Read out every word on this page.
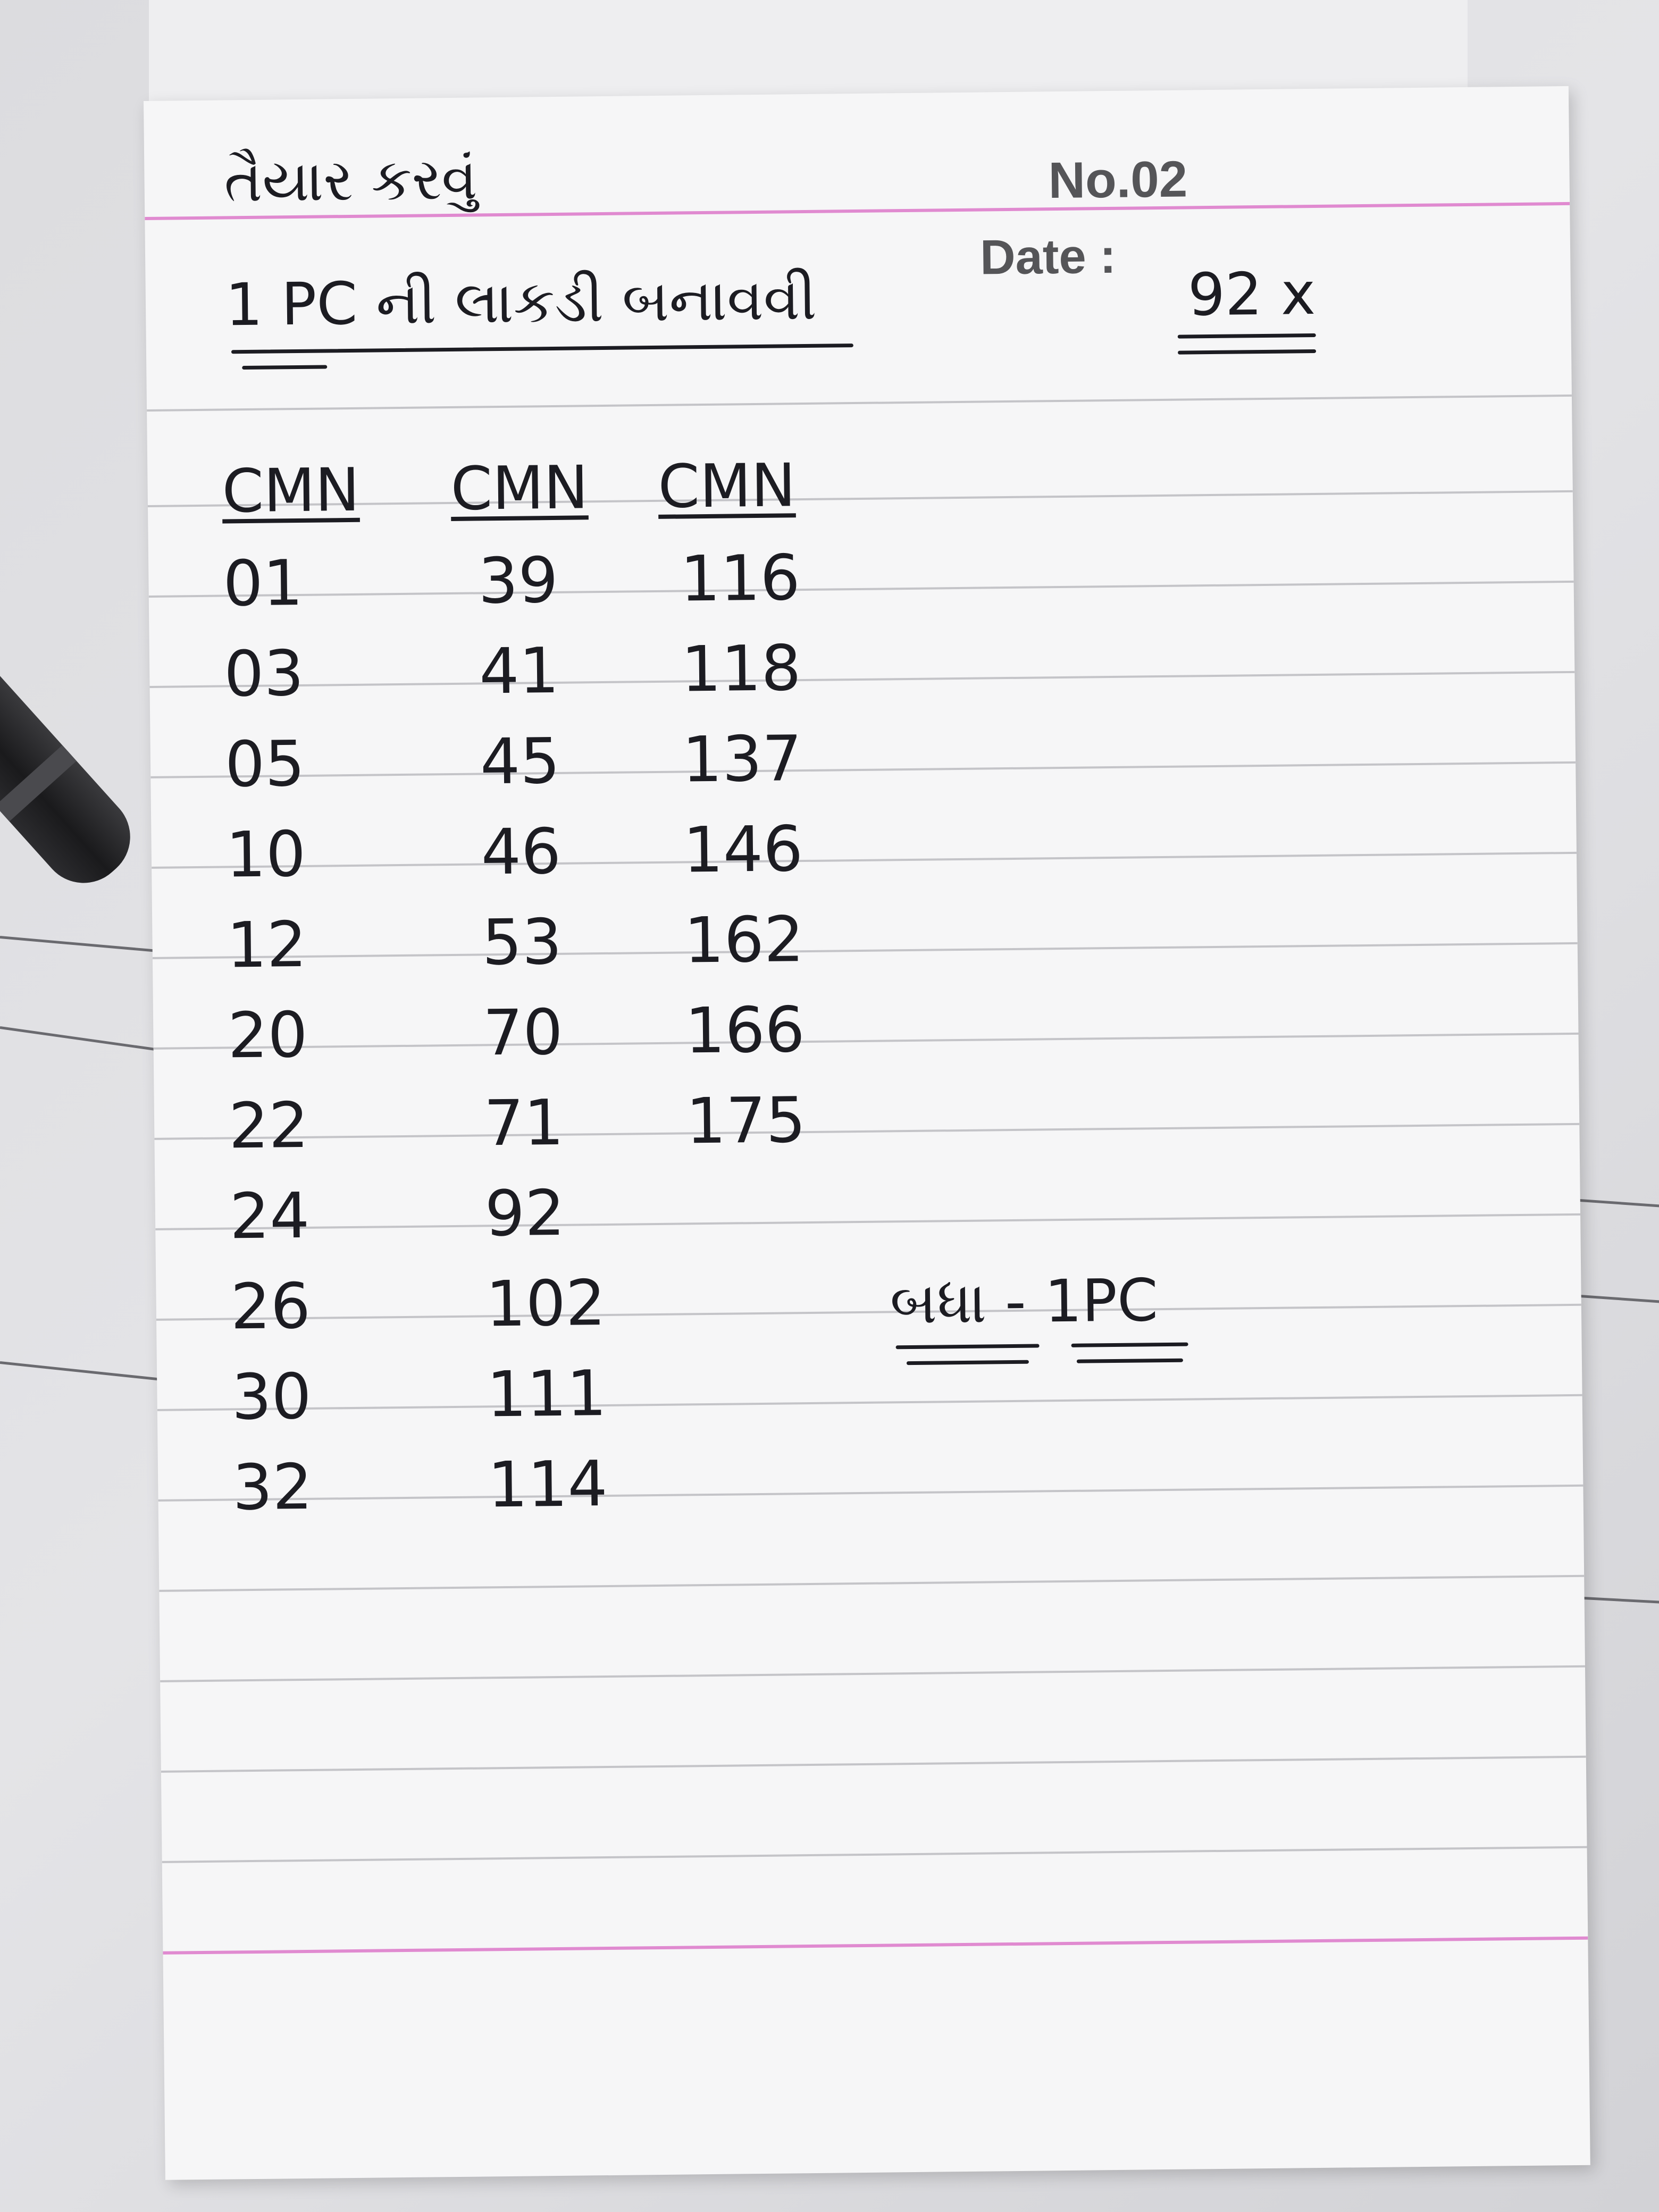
તૈયાર કરવું	No.02
Date :
1 PC ની લાકડી બનાવવી	92 x
CMN CMN CMN
01
03
05
10
12
20
22
24
26
30
32
39
41
45
46
53
70
71
92
102
111
114
116
118
137
146
162
166
175
બધા - 1PC
